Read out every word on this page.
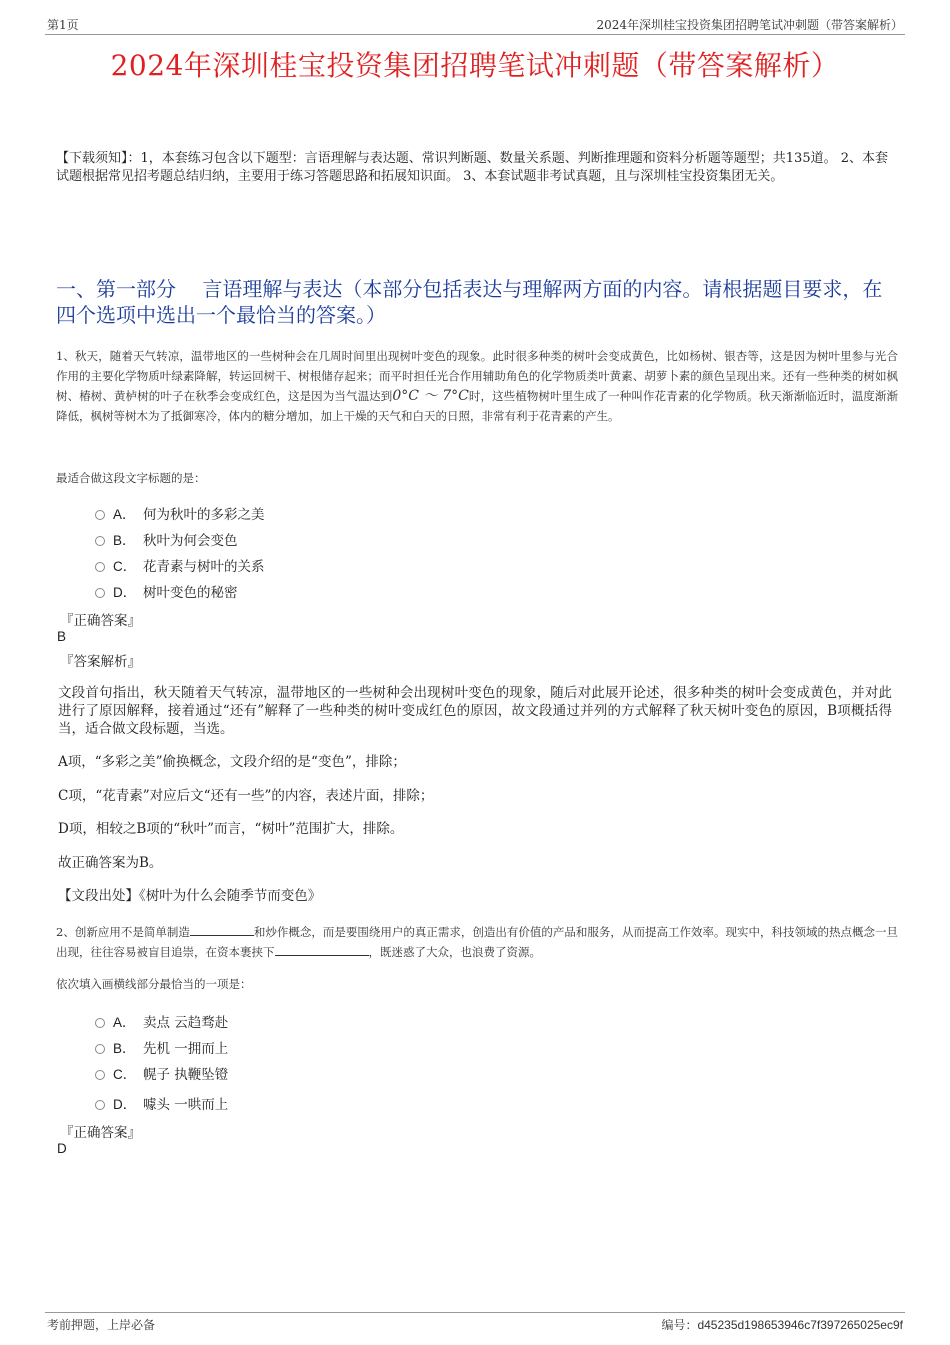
第1页	2024年深圳桂宝投资集团招聘笔试冲刺题（带答案解析）
2024年深圳桂宝投资集团招聘笔试冲刺题（带答案解析）
【下载须知】：1，本套练习包含以下题型：言语理解与表达题、常识判断题、数量关系题、判断推理题和资料分析题等题型；共135道。 2、本套试题根据常见招考题总结归纳，主要用于练习答题思路和拓展知识面。 3、本套试题非考试真题，且与深圳桂宝投资集团无关。
一、第一部分　 言语理解与表达（本部分包括表达与理解两方面的内容。请根据题目要求，在四个选项中选出一个最恰当的答案。）
1、秋天，随着天气转凉，温带地区的一些树种会在几周时间里出现树叶变色的现象。此时很多种类的树叶会变成黄色，比如杨树、银杏等，这是因为树叶里参与光合作用的主要化学物质叶绿素降解，转运回树干、树根储存起来；而平时担任光合作用辅助角色的化学物质类叶黄素、胡萝卜素的颜色呈现出来。还有一些种类的树如枫树、椿树、黄栌树的叶子在秋季会变成红色，这是因为当气温达到0°C ～ 7°C时，这些植物树叶里生成了一种叫作花青素的化学物质。秋天渐渐临近时，温度渐渐降低，枫树等树木为了抵御寒冷，体内的糖分增加，加上干燥的天气和白天的日照，非常有利于花青素的产生。
最适合做这段文字标题的是：
A． 何为秋叶的多彩之美
B． 秋叶为何会变色
C． 花青素与树叶的关系
D． 树叶变色的秘密
『正确答案』
B
『答案解析』
文段首句指出，秋天随着天气转凉，温带地区的一些树种会出现树叶变色的现象，随后对此展开论述，很多种类的树叶会变成黄色，并对此进行了原因解释，接着通过“还有”解释了一些种类的树叶变成红色的原因，故文段通过并列的方式解释了秋天树叶变色的原因，B项概括得当，适合做文段标题，当选。
A项，“多彩之美”偷换概念，文段介绍的是“变色”，排除；
C项，“花青素”对应后文“还有一些”的内容，表述片面，排除；
D项，相较之B项的“秋叶”而言，“树叶”范围扩大，排除。
故正确答案为B。
【文段出处】《树叶为什么会随季节而变色》
2、创新应用不是简单制造	和炒作概念，而是要围绕用户的真正需求，创造出有价值的产品和服务，从而提高工作效率。现实中，科技领域的热点概念一旦出现，往往容易被盲目追崇，在资本裹挟下	，既迷惑了大众，也浪费了资源。
依次填入画横线部分最恰当的一项是：
A． 卖点 云趋骛赴
B． 先机 一拥而上
C． 幌子 执鞭坠镫
D． 噱头 一哄而上
『正确答案』
D
考前押题，上岸必备	编号：d45235d198653946c7f397265025ec9f
